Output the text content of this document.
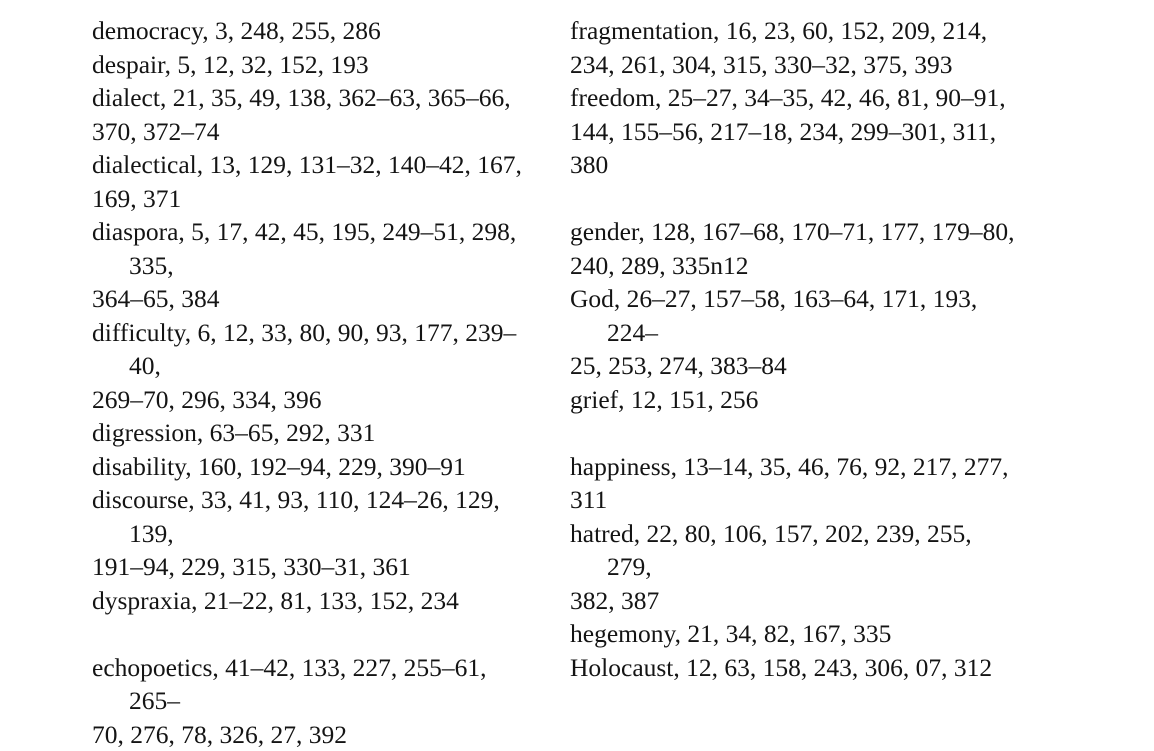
democracy, 3, 248, 255, 286

despair, 5, 12, 32, 152, 193

dialect, 21, 35, 49, 138, 362–63, 365–66,
370, 372–74

dialectical, 13, 129, 131–32, 140–42, 167,
169, 371

diaspora, 5, 17, 42, 45, 195, 249–51, 298, 335,
364–65, 384

difficulty, 6, 12, 33, 80, 90, 93, 177, 239–40,
269–70, 296, 334, 396

digression, 63–65, 292, 331

disability, 160, 192–94, 229, 390–91

discourse, 33, 41, 93, 110, 124–26, 129, 139,
191–94, 229, 315, 330–31, 361

dyspraxia, 21–22, 81, 133, 152, 234

echopoetics, 41–42, 133, 227, 255–61, 265–
70, 276, 78, 326, 27, 392

fragmentation, 16, 23, 60, 152, 209, 214,
234, 261, 304, 315, 330–32, 375, 393

freedom, 25–27, 34–35, 42, 46, 81, 90–91,
144, 155–56, 217–18, 234, 299–301, 311,
380

gender, 128, 167–68, 170–71, 177, 179–80,
240, 289, 335n12

God, 26–27, 157–58, 163–64, 171, 193, 224–
25, 253, 274, 383–84

grief, 12, 151, 256

happiness, 13–14, 35, 46, 76, 92, 217, 277,
311

hatred, 22, 80, 106, 157, 202, 239, 255, 279,
382, 387

hegemony, 21, 34, 82, 167, 335

Holocaust, 12, 63, 158, 243, 306, 07, 312
